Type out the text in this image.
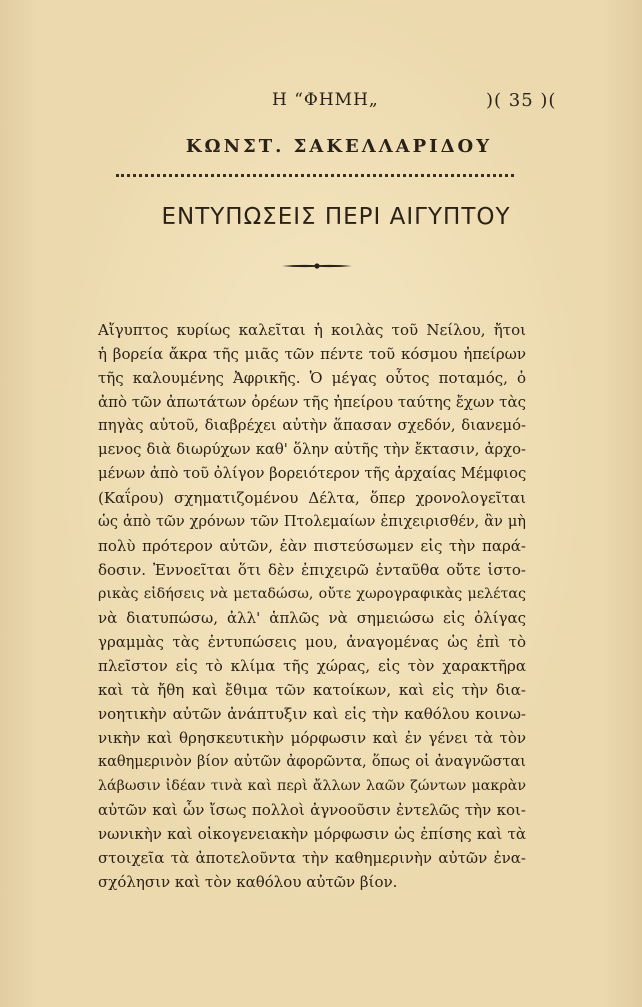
Η “ΦΗΜΗ„	)( 35 )(
ΚΩΝΣΤ. ΣΑΚΕΛΛΑΡΙΔΟΥ
ΕΝΤΥΠΩΣΕΙΣ ΠΕΡΙ ΑΙΓΥΠΤΟΥ
Αἴγυπτος κυρίως καλεῖται ἡ κοιλὰς τοῦ Νείλου, ἤτοι
ἡ βορεία ἄκρα τῆς μιᾶς τῶν πέντε τοῦ κόσμου ἠπείρων
τῆς καλουμένης Ἀφρικῆς. Ὁ μέγας οὗτος ποταμός, ὁ
ἀπὸ τῶν ἀπωτάτων ὀρέων τῆς ἠπείρου ταύτης ἔχων τὰς
πηγὰς αὐτοῦ, διαβρέχει αὐτὴν ἅπασαν σχεδόν, διανεμό-
μενος διὰ διωρύχων καθ' ὅλην αὐτῆς τὴν ἔκτασιν, ἀρχο-
μένων ἀπὸ τοῦ ὀλίγον βορειότερον τῆς ἀρχαίας Μέμφιος
(Καΐρου) σχηματιζομένου Δέλτα, ὅπερ χρονολογεῖται
ὡς ἀπὸ τῶν χρόνων τῶν Πτολεμαίων ἐπιχειρισθέν, ἂν μὴ
πολὺ πρότερον αὐτῶν, ἐὰν πιστεύσωμεν εἰς τὴν παρά-
δοσιν. Ἐννοεῖται ὅτι δὲν ἐπιχειρῶ ἐνταῦθα οὔτε ἱστο-
ρικὰς εἰδήσεις νὰ μεταδώσω, οὔτε χωρογραφικὰς μελέτας
νὰ διατυπώσω, ἀλλ' ἁπλῶς νὰ σημειώσω εἰς ὀλίγας
γραμμὰς τὰς ἐντυπώσεις μου, ἀναγομένας ὡς ἐπὶ τὸ
πλεῖστον εἰς τὸ κλίμα τῆς χώρας, εἰς τὸν χαρακτῆρα
καὶ τὰ ἤθη καὶ ἔθιμα τῶν κατοίκων, καὶ εἰς τὴν δια-
νοητικὴν αὐτῶν ἀνάπτυξιν καὶ εἰς τὴν καθόλου κοινω-
νικὴν καὶ θρησκευτικὴν μόρφωσιν καὶ ἐν γένει τὰ τὸν
καθημερινὸν βίον αὐτῶν ἀφορῶντα, ὅπως οἱ ἀναγνῶσται
λάβωσιν ἰδέαν τινὰ καὶ περὶ ἄλλων λαῶν ζώντων μακρὰν
αὐτῶν καὶ ὧν ἴσως πολλοὶ ἀγνοοῦσιν ἐντελῶς τὴν κοι-
νωνικὴν καὶ οἰκογενειακὴν μόρφωσιν ὡς ἐπίσης καὶ τὰ
στοιχεῖα τὰ ἀποτελοῦντα τὴν καθημερινὴν αὐτῶν ἐνα-
σχόλησιν καὶ τὸν καθόλου αὐτῶν βίον.
